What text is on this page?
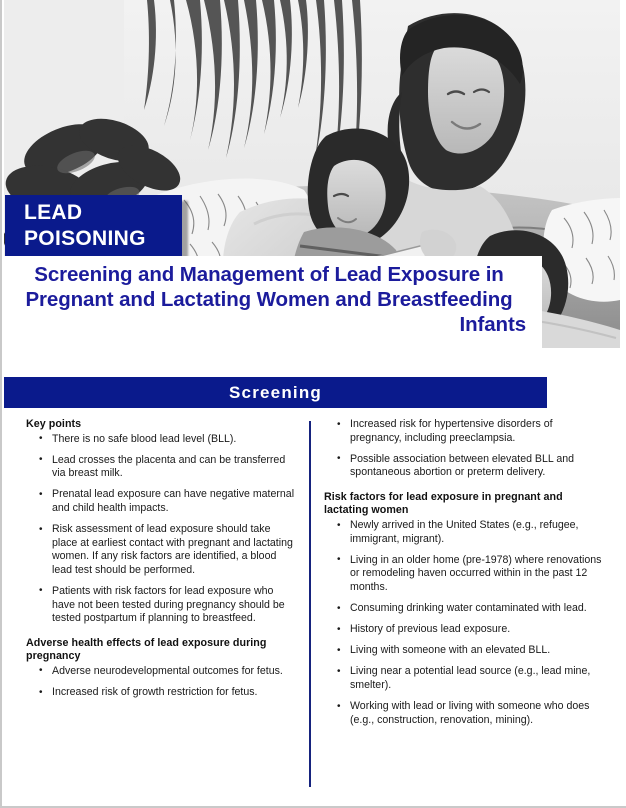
LEAD
POISONING
Screening and Management of Lead Exposure in
Pregnant and Lactating Women and Breastfeeding
Infants
Screening
Key points
• There is no safe blood lead level (BLL).
• Lead crosses the placenta and can be transferred via breast milk.
• Prenatal lead exposure can have negative maternal and child health impacts.
• Risk assessment of lead exposure should take place at earliest contact with pregnant and lactating women. If any risk factors are identified, a blood lead test should be performed.
• Patients with risk factors for lead exposure who have not been tested during pregnancy should be tested postpartum if planning to breastfeed.
Adverse health effects of lead exposure during pregnancy
• Adverse neurodevelopmental outcomes for fetus.
• Increased risk of growth restriction for fetus.
• Increased risk for hypertensive disorders of pregnancy, including preeclampsia.
• Possible association between elevated BLL and spontaneous abortion or preterm delivery.
Risk factors for lead exposure in pregnant and lactating women
• Newly arrived in the United States (e.g., refugee, immigrant, migrant).
• Living in an older home (pre-1978) where renovations or remodeling haven occurred within in the past 12 months.
• Consuming drinking water contaminated with lead.
• History of previous lead exposure.
• Living with someone with an elevated BLL.
• Living near a potential lead source (e.g., lead mine, smelter).
• Working with lead or living with someone who does (e.g., construction, renovation, mining).
